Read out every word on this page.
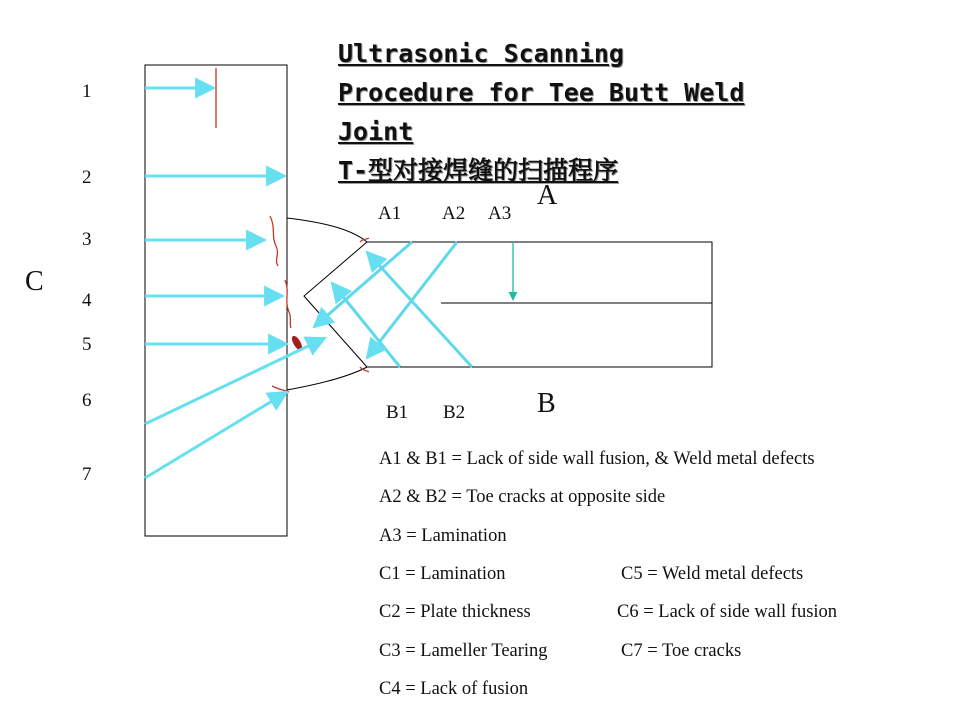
Ultrasonic Scanning
Procedure for Tee Butt Weld
Joint
T-型对接焊缝的扫描程序
1
2
3
4
5
6
7
C
A
B
A1 A2 A3
B1 B2
A1 & B1 = Lack of side wall fusion, & Weld metal defects
A2 & B2 = Toe cracks at opposite side
A3 = Lamination
C1 = Lamination	C5 = Weld metal defects
C2 = Plate thickness	C6 = Lack of side wall fusion
C3 = Lameller Tearing	C7 = Toe cracks
C4 = Lack of fusion
